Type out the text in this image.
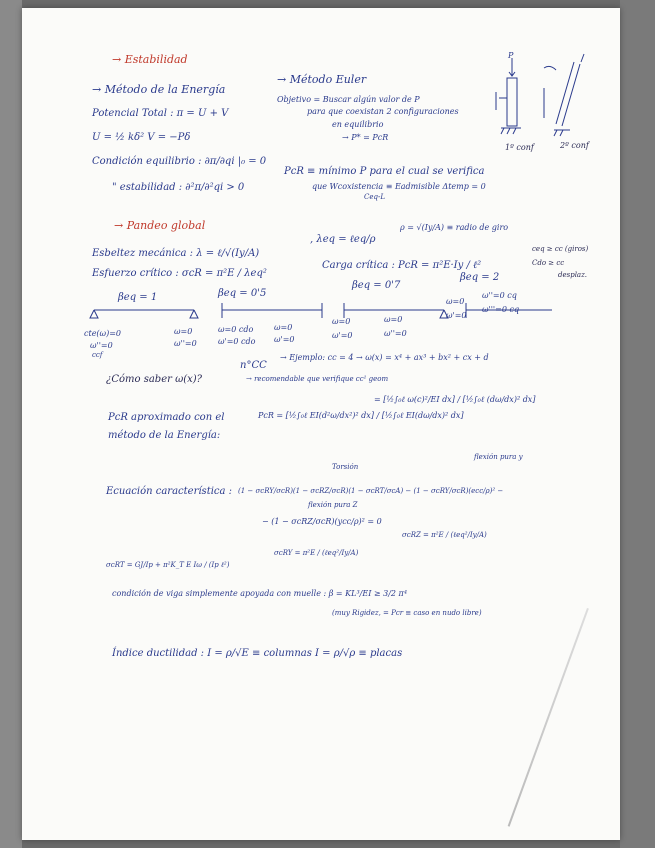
→ Estabilidad
→ Método de la Energía
→ Método Euler
Potencial Total : π = U + V
Objetivo = Buscar algún valor de P
para que coexistan 2 configuraciones
en equilibrio
→ P* = PcR
U = ½ kδ² V = −Pδ
Condición equilibrio : ∂π/∂qi |₀ = 0
" estabilidad : ∂²π/∂²qi > 0
PcR ≡ mínimo P para el cual se verifica
que Wcoxistencia ≡ Eadmisible Δtemp = 0
Ceq-L
P
1º conf	2º conf
→ Pandeo global
Esbeltez mecánica : λ = ℓ/√(Iy/A)
, λeq = ℓeq/ρ
ρ = √(Iy/A) ≡ radio de giro
ceq ≥ cc (giros)
Cdo ≥ cc
desplaz.
Esfuerzo crítico : σcR = π²E / λeq²
Carga crítica : PcR = π²E·Iy / ℓ²
βeq = 1	βeq = 0'5
βeq = 0'7
βeq = 2
cte(ω)=0	ω=0
ω''=0	ω''=0
ccf
ω=0 cdo	ω=0
ω'=0 cdo ω'=0
ω=0	ω=0
ω'=0	ω''=0
ω=0
ω''=0 cq
ω'=0
ω'''=0 cq
¿Cómo saber ω(x)?
n°CC
→ Ejemplo: cc = 4 → ω(x) = x⁴ + ax³ + bx² + cx + d
→ recomendable que verifique cc¹ geom
PcR aproximado con el
método de la Energía:
PcR = [½∫₀ℓ EI(d²ω/dx²)² dx] / [½∫₀ℓ EI(dω/dx)² dx]
= [½∫₀ℓ ω(c)²/EI dx] / [½∫₀ℓ (dω/dx)² dx]
Torsión
flexión pura y
Ecuación característica : (1 − σcRY/σcR)(1 − σcRZ/σcR)(1 − σcRT/σcA) − (1 − σcRY/σcR)(ecc/ρ)² −
flexión pura Z
− (1 − σcRZ/σcR)(ycc/ρ)² = 0
σcRZ = π²E / (ℓeq²/Iy/A)
σcRT = GJ/Ip + π²K_T E Iω / (Ip ℓ²)
σcRY = π²E / (ℓeq²/Iy/A)
condición de viga simplemente apoyada con muelle : β = KL³/EI ≥ 3/2 π⁴
(muy Rigidez, = Pcr ≡ caso en nudo libre)
Índice ductilidad : I = ρ/√E ≡ columnas I = ρ/√ρ ≡ placas
